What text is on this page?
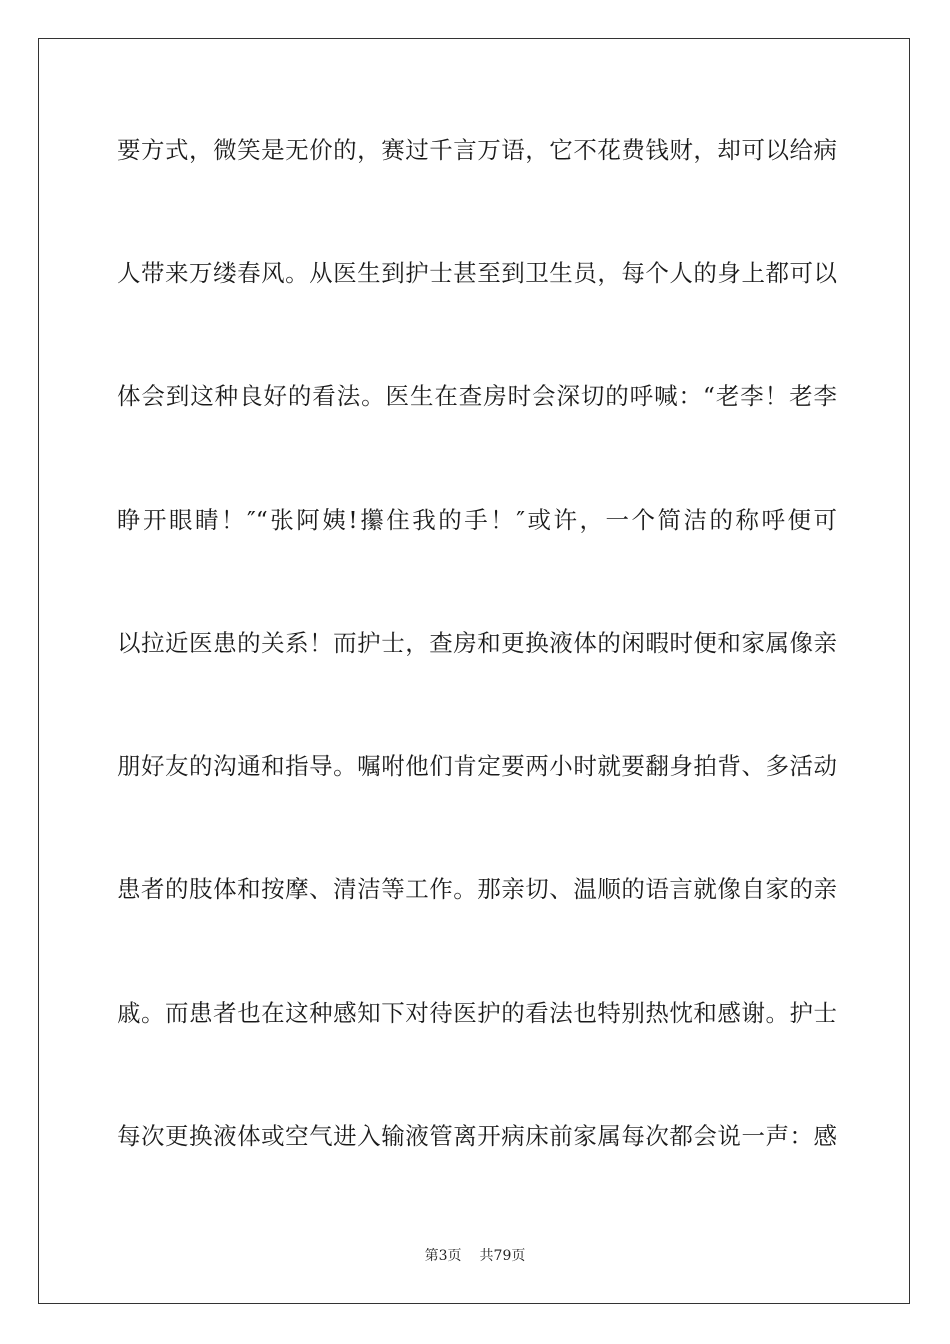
要方式，微笑是无价的，赛过千言万语，它不花费钱财，却可以给病
人带来万缕春风。从医生到护士甚至到卫生员，每个人的身上都可以
体会到这种良好的看法。医生在查房时会深切的呼喊：“老李！老李
睁开眼睛！″“张阿姨!攥住我的手！″或许，一个简洁的称呼便可
以拉近医患的关系！而护士，查房和更换液体的闲暇时便和家属像亲
朋好友的沟通和指导。嘱咐他们肯定要两小时就要翻身拍背、多活动
患者的肢体和按摩、清洁等工作。那亲切、温顺的语言就像自家的亲
戚。而患者也在这种感知下对待医护的看法也特别热忱和感谢。护士
每次更换液体或空气进入输液管离开病床前家属每次都会说一声：感
第3页 共79页
